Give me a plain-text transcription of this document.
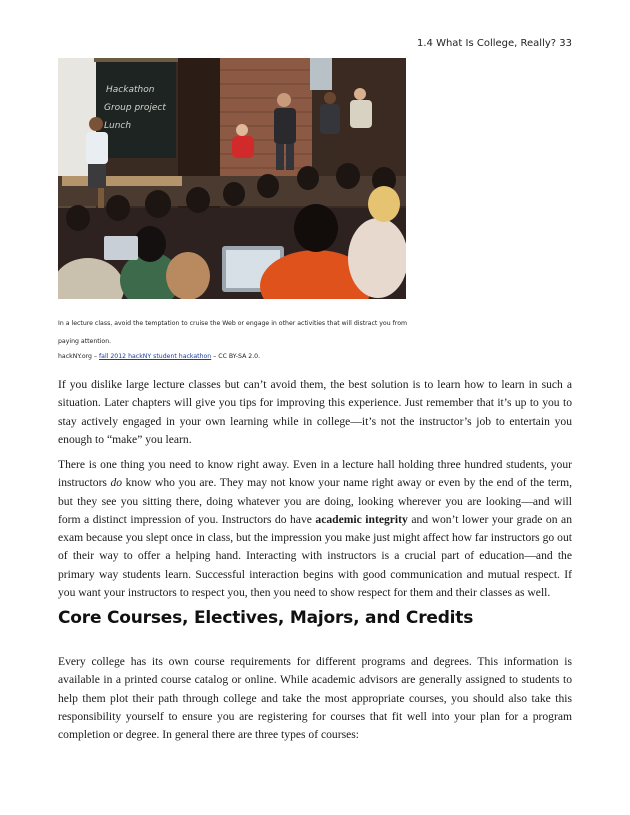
1.4 What Is College, Really? 33
Hackathon
Group project
Lunch
In a lecture class, avoid the temptation to cruise the Web or engage in other activities that will distract you from paying attention.
hackNY.org – fall 2012 hackNY student hackathon – CC BY-SA 2.0.

If you dislike large lecture classes but can’t avoid them, the best solution is to learn how to learn in such a situation. Later chapters will give you tips for improving this experience. Just remember that it’s up to you to stay actively engaged in your own learning while in college—it’s not the instructor’s job to entertain you enough to “make” you learn.

There is one thing you need to know right away. Even in a lecture hall holding three hundred students, your instructors do know who you are. They may not know your name right away or even by the end of the term, but they see you sitting there, doing whatever you are doing, looking wherever you are looking—and will form a distinct impression of you. Instructors do have academic integrity and won’t lower your grade on an exam because you slept once in class, but the impression you make just might affect how far instructors go out of their way to offer a helping hand. Interacting with instructors is a crucial part of education—and the primary way students learn. Successful interaction begins with good communication and mutual respect. If you want your instructors to respect you, then you need to show respect for them and their classes as well.

Core Courses, Electives, Majors, and Credits

Every college has its own course requirements for different programs and degrees. This information is available in a printed course catalog or online. While academic advisors are generally assigned to students to help them plot their path through college and take the most appropriate courses, you should also take this responsibility yourself to ensure you are registering for courses that fit well into your plan for a program completion or degree. In general there are three types of courses:
